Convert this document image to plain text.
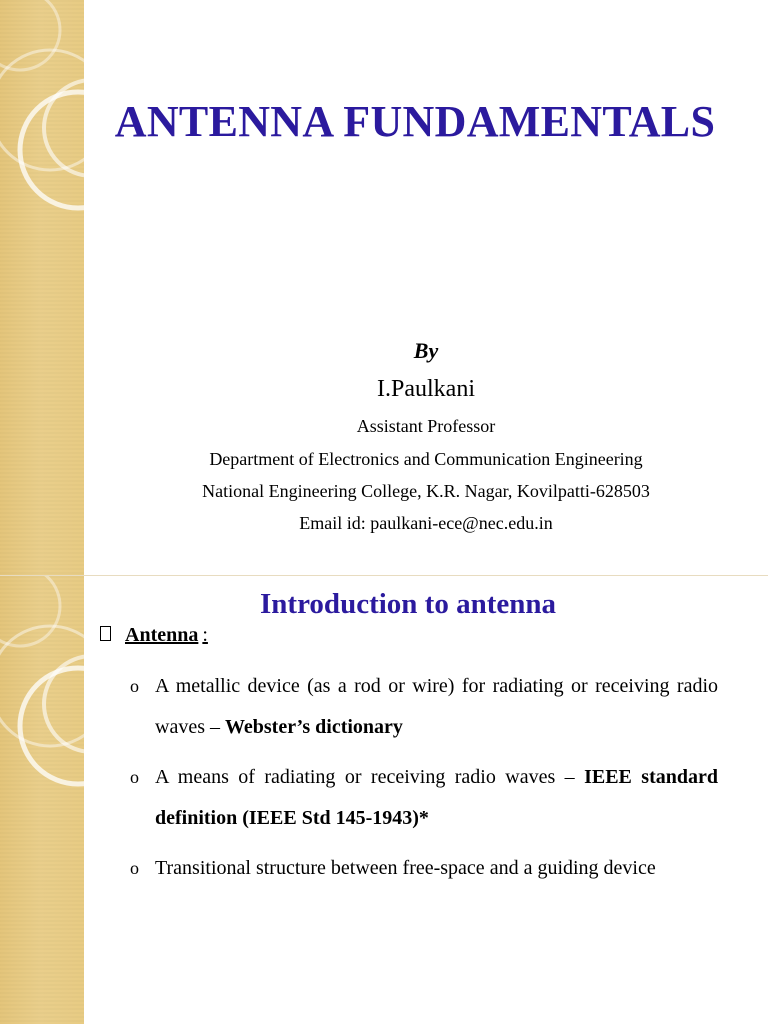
ANTENNA FUNDAMENTALS
By
I.Paulkani
Assistant Professor
Department of Electronics and Communication Engineering
National Engineering College, K.R. Nagar, Kovilpatti-628503
Email id: paulkani-ece@nec.edu.in
Introduction to antenna
Antenna :
o A metallic device (as a rod or wire) for radiating or receiving radio waves – Webster’s dictionary
o A means of radiating or receiving radio waves – IEEE standard definition (IEEE Std 145-1943)*
o Transitional structure between free-space and a guiding device
